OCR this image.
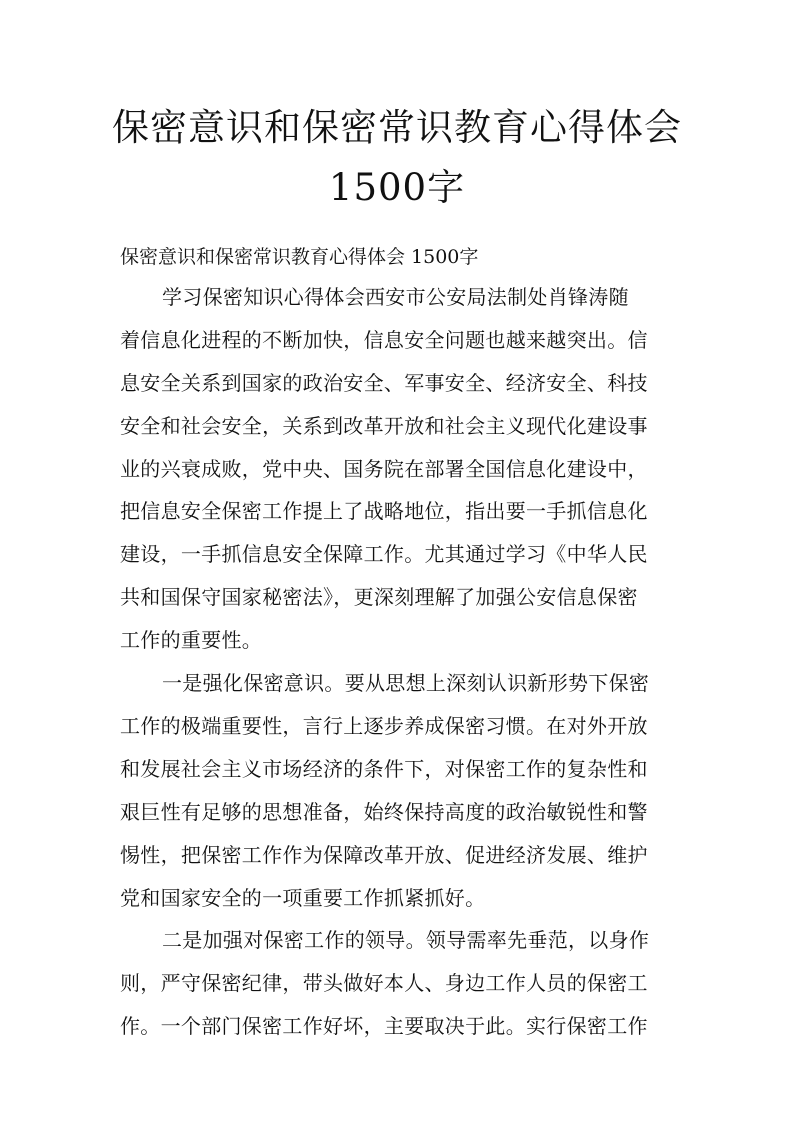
保密意识和保密常识教育心得体会
1500字

保密意识和保密常识教育心得体会 1500字

学习保密知识心得体会西安市公安局法制处肖锋涛随

着信息化进程的不断加快，信息安全问题也越来越突出。信

息安全关系到国家的政治安全、军事安全、经济安全、科技

安全和社会安全，关系到改革开放和社会主义现代化建设事

业的兴衰成败，党中央、国务院在部署全国信息化建设中，

把信息安全保密工作提上了战略地位，指出要一手抓信息化

建设，一手抓信息安全保障工作。尤其通过学习《中华人民

共和国保守国家秘密法》，更深刻理解了加强公安信息保密

工作的重要性。

一是强化保密意识。要从思想上深刻认识新形势下保密

工作的极端重要性，言行上逐步养成保密习惯。在对外开放

和发展社会主义市场经济的条件下，对保密工作的复杂性和

艰巨性有足够的思想准备，始终保持高度的政治敏锐性和警

惕性，把保密工作作为保障改革开放、促进经济发展、维护

党和国家安全的一项重要工作抓紧抓好。

二是加强对保密工作的领导。领导需率先垂范，以身作

则，严守保密纪律，带头做好本人、身边工作人员的保密工

作。一个部门保密工作好坏，主要取决于此。实行保密工作
